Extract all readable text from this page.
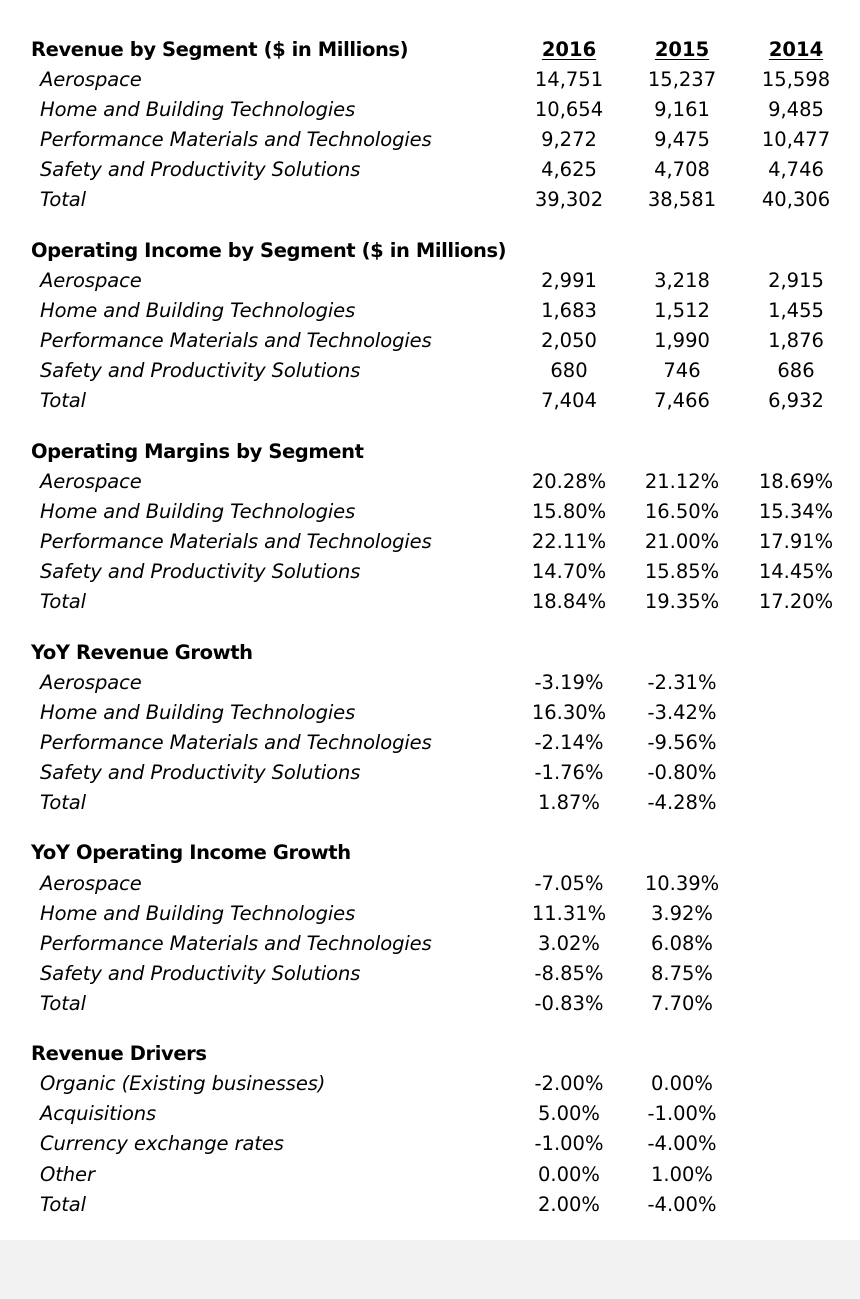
Revenue by Segment ($ in Millions)	2016	2015	2014
Aerospace	14,751	15,237	15,598
Home and Building Technologies	10,654	9,161	9,485
Performance Materials and Technologies	9,272	9,475	10,477
Safety and Productivity Solutions	4,625	4,708	4,746
Total	39,302	38,581	40,306
Operating Income by Segment ($ in Millions)
Aerospace	2,991	3,218	2,915
Home and Building Technologies	1,683	1,512	1,455
Performance Materials and Technologies	2,050	1,990	1,876
Safety and Productivity Solutions	680	746	686
Total	7,404	7,466	6,932
Operating Margins by Segment
Aerospace	20.28%	21.12%	18.69%
Home and Building Technologies	15.80%	16.50%	15.34%
Performance Materials and Technologies	22.11%	21.00%	17.91%
Safety and Productivity Solutions	14.70%	15.85%	14.45%
Total	18.84%	19.35%	17.20%
YoY Revenue Growth
Aerospace	-3.19%	-2.31%
Home and Building Technologies	16.30%	-3.42%
Performance Materials and Technologies	-2.14%	-9.56%
Safety and Productivity Solutions	-1.76%	-0.80%
Total	1.87%	-4.28%
YoY Operating Income Growth
Aerospace	-7.05%	10.39%
Home and Building Technologies	11.31%	3.92%
Performance Materials and Technologies	3.02%	6.08%
Safety and Productivity Solutions	-8.85%	8.75%
Total	-0.83%	7.70%
Revenue Drivers
Organic (Existing businesses)	-2.00%	0.00%
Acquisitions	5.00%	-1.00%
Currency exchange rates	-1.00%	-4.00%
Other	0.00%	1.00%
Total	2.00%	-4.00%
